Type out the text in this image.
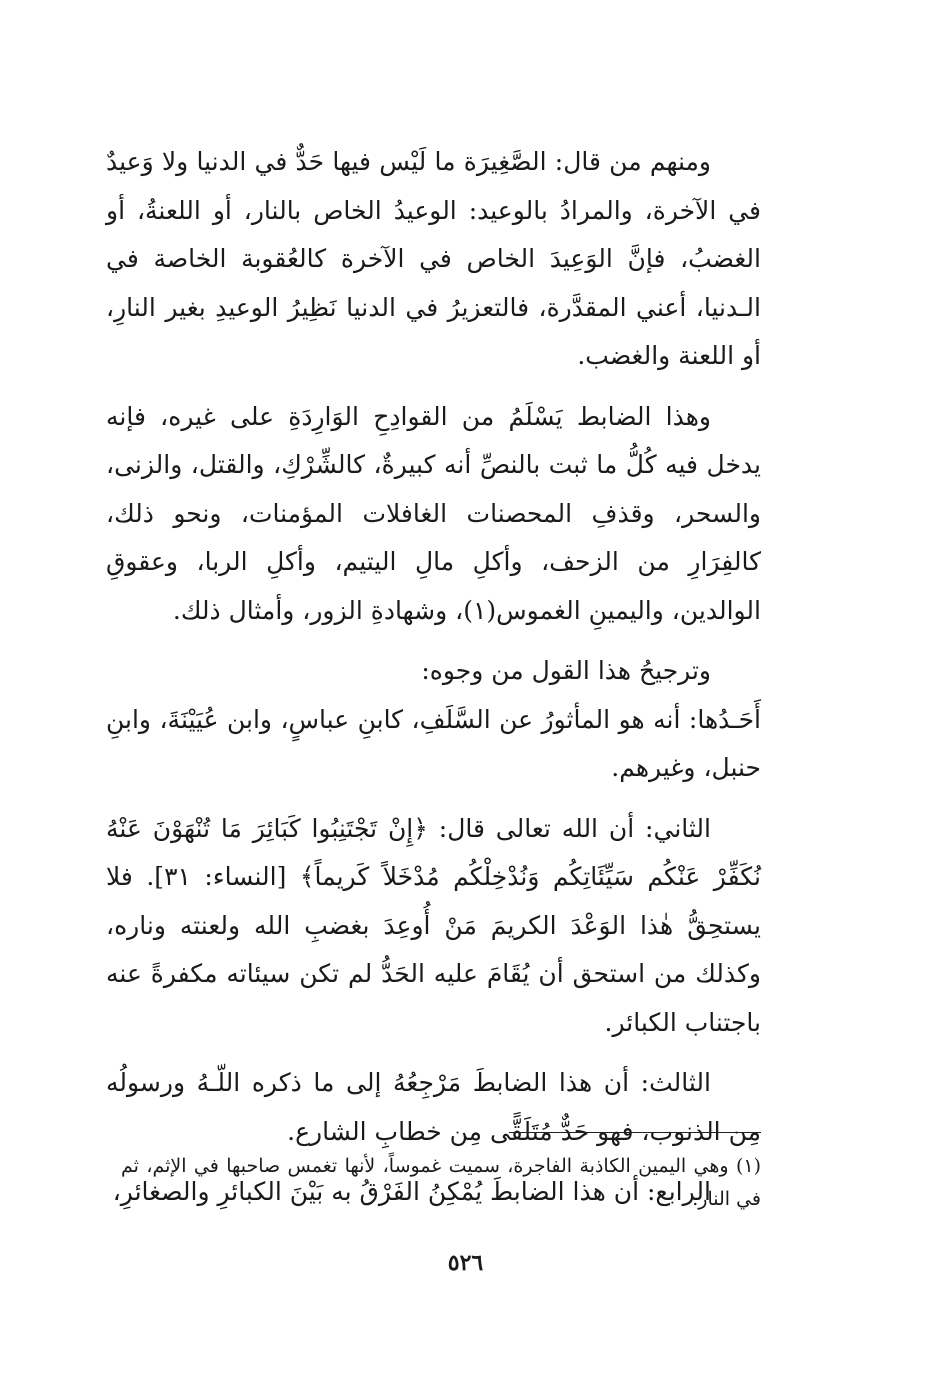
ومنهم من قال: الصَّغِيرَة ما لَيْس فيها حَدٌّ في الدنيا ولا وَعيدٌ في الآخرة، والمرادُ بالوعيد: الوعيدُ الخاص بالنار، أو اللعنةُ، أو الغضبُ، فإنَّ الوَعِيدَ الخاص في الآخرة كالعُقوبة الخاصة في الـدنيا، أعني المقدَّرة، فالتعزيرُ في الدنيا نَظِيرُ الوعيدِ بغير النارِ، أو اللعنة والغضب.

وهذا الضابط يَسْلَمُ من القوادِحِ الوَارِدَةِ على غيره، فإنه يدخل فيه كُلُّ ما ثبت بالنصِّ أنه كبيرةٌ، كالشِّرْكِ، والقتل، والزنى، والسحر، وقذفِ المحصنات الغافلات المؤمنات، ونحو ذلك، كالفِرَارِ من الزحف، وأكلِ مالِ اليتيم، وأكلِ الربا، وعقوقِ الوالدين، واليمينِ الغموس(١)، وشهادةِ الزور، وأمثال ذلك.

وترجيحُ هذا القول من وجوه:

أَحَـدُها: أنه هو المأثورُ عن السَّلَفِ، كابنِ عباسٍ، وابن عُيَيْنَةَ، وابنِ حنبل، وغيرهم.

الثاني: أن الله تعالى قال: ﴿إِنْ تَجْتَنِبُوا كَبَائِرَ مَا تُنْهَوْنَ عَنْهُ نُكَفِّرْ عَنْكُم سَيِّئَاتِكُم وَنُدْخِلْكُم مُدْخَلاً كَريماً﴾ [النساء: ٣١]. فلا يستحِقُّ هٰذا الوَعْدَ الكريمَ مَنْ أُوعِدَ بغضبِ الله ولعنته وناره، وكذلك من استحق أن يُقَامَ عليه الحَدُّ لم تكن سيئاته مكفرةً عنه باجتناب الكبائر.

الثالث: أن هذا الضابطَ مَرْجِعُهُ إلى ما ذكره اللّـهُ ورسولُه مِن الذنوب، فهو حَدٌّ مُتَلَقًّى مِن خطابِ الشارع.

الرابع: أن هذا الضابطَ يُمْكِنُ الفَرْقُ به بَيْنَ الكبائرِ والصغائرِ،

(١) وهي اليمين الكاذبة الفاجرة، سميت غموساً، لأنها تغمس صاحبها في الإثم، ثم في النار.
٥٢٦
